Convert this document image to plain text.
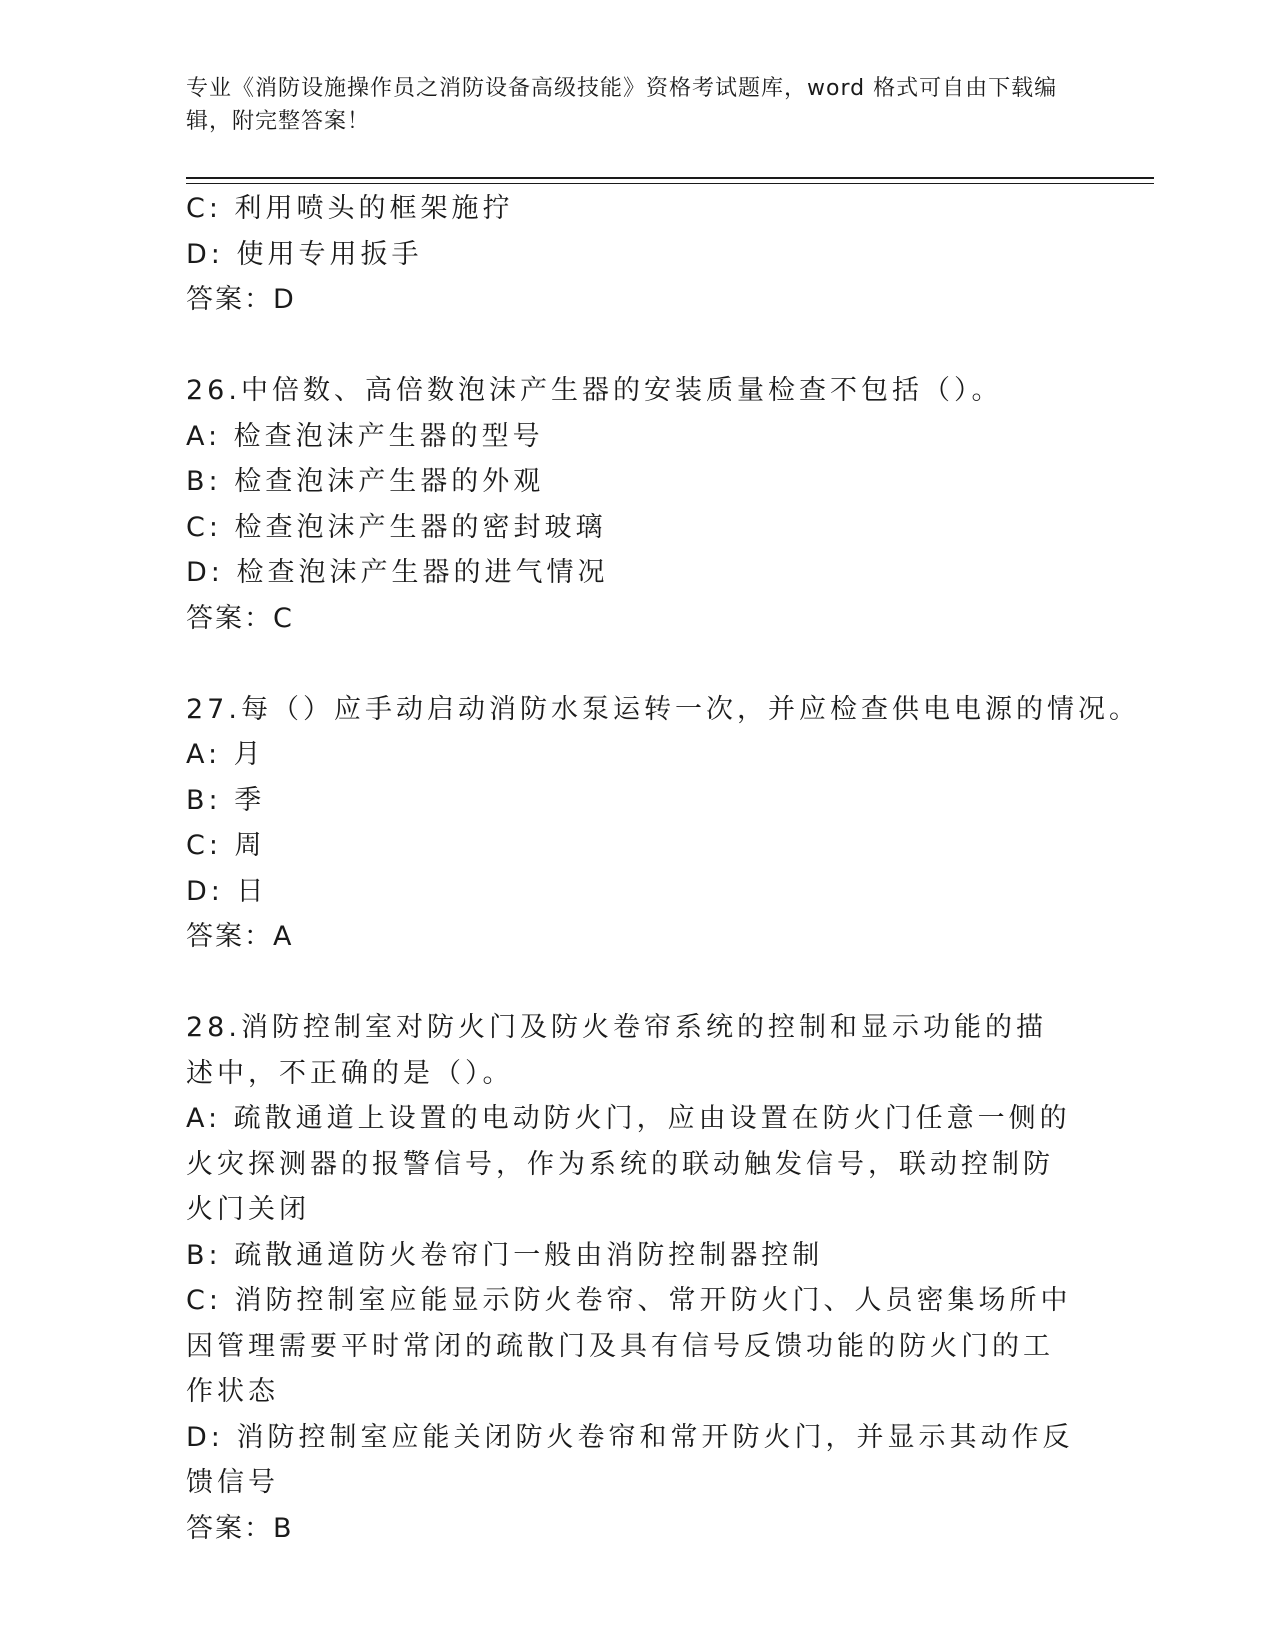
专业《消防设施操作员之消防设备高级技能》资格考试题库，word 格式可自由下载编辑，附完整答案！

C: 利用喷头的框架施拧

D: 使用专用扳手

答案：D

26.中倍数、高倍数泡沫产生器的安装质量检查不包括（）。

A: 检查泡沫产生器的型号

B: 检查泡沫产生器的外观

C: 检查泡沫产生器的密封玻璃

D: 检查泡沫产生器的进气情况

答案：C

27.每（）应手动启动消防水泵运转一次，并应检查供电电源的情况。

A: 月

B: 季

C: 周

D: 日

答案：A

28.消防控制室对防火门及防火卷帘系统的控制和显示功能的描述中，不正确的是（）。

A: 疏散通道上设置的电动防火门，应由设置在防火门任意一侧的火灾探测器的报警信号，作为系统的联动触发信号，联动控制防火门关闭

B: 疏散通道防火卷帘门一般由消防控制器控制

C: 消防控制室应能显示防火卷帘、常开防火门、人员密集场所中因管理需要平时常闭的疏散门及具有信号反馈功能的防火门的工作状态

D: 消防控制室应能关闭防火卷帘和常开防火门，并显示其动作反馈信号

答案：B
